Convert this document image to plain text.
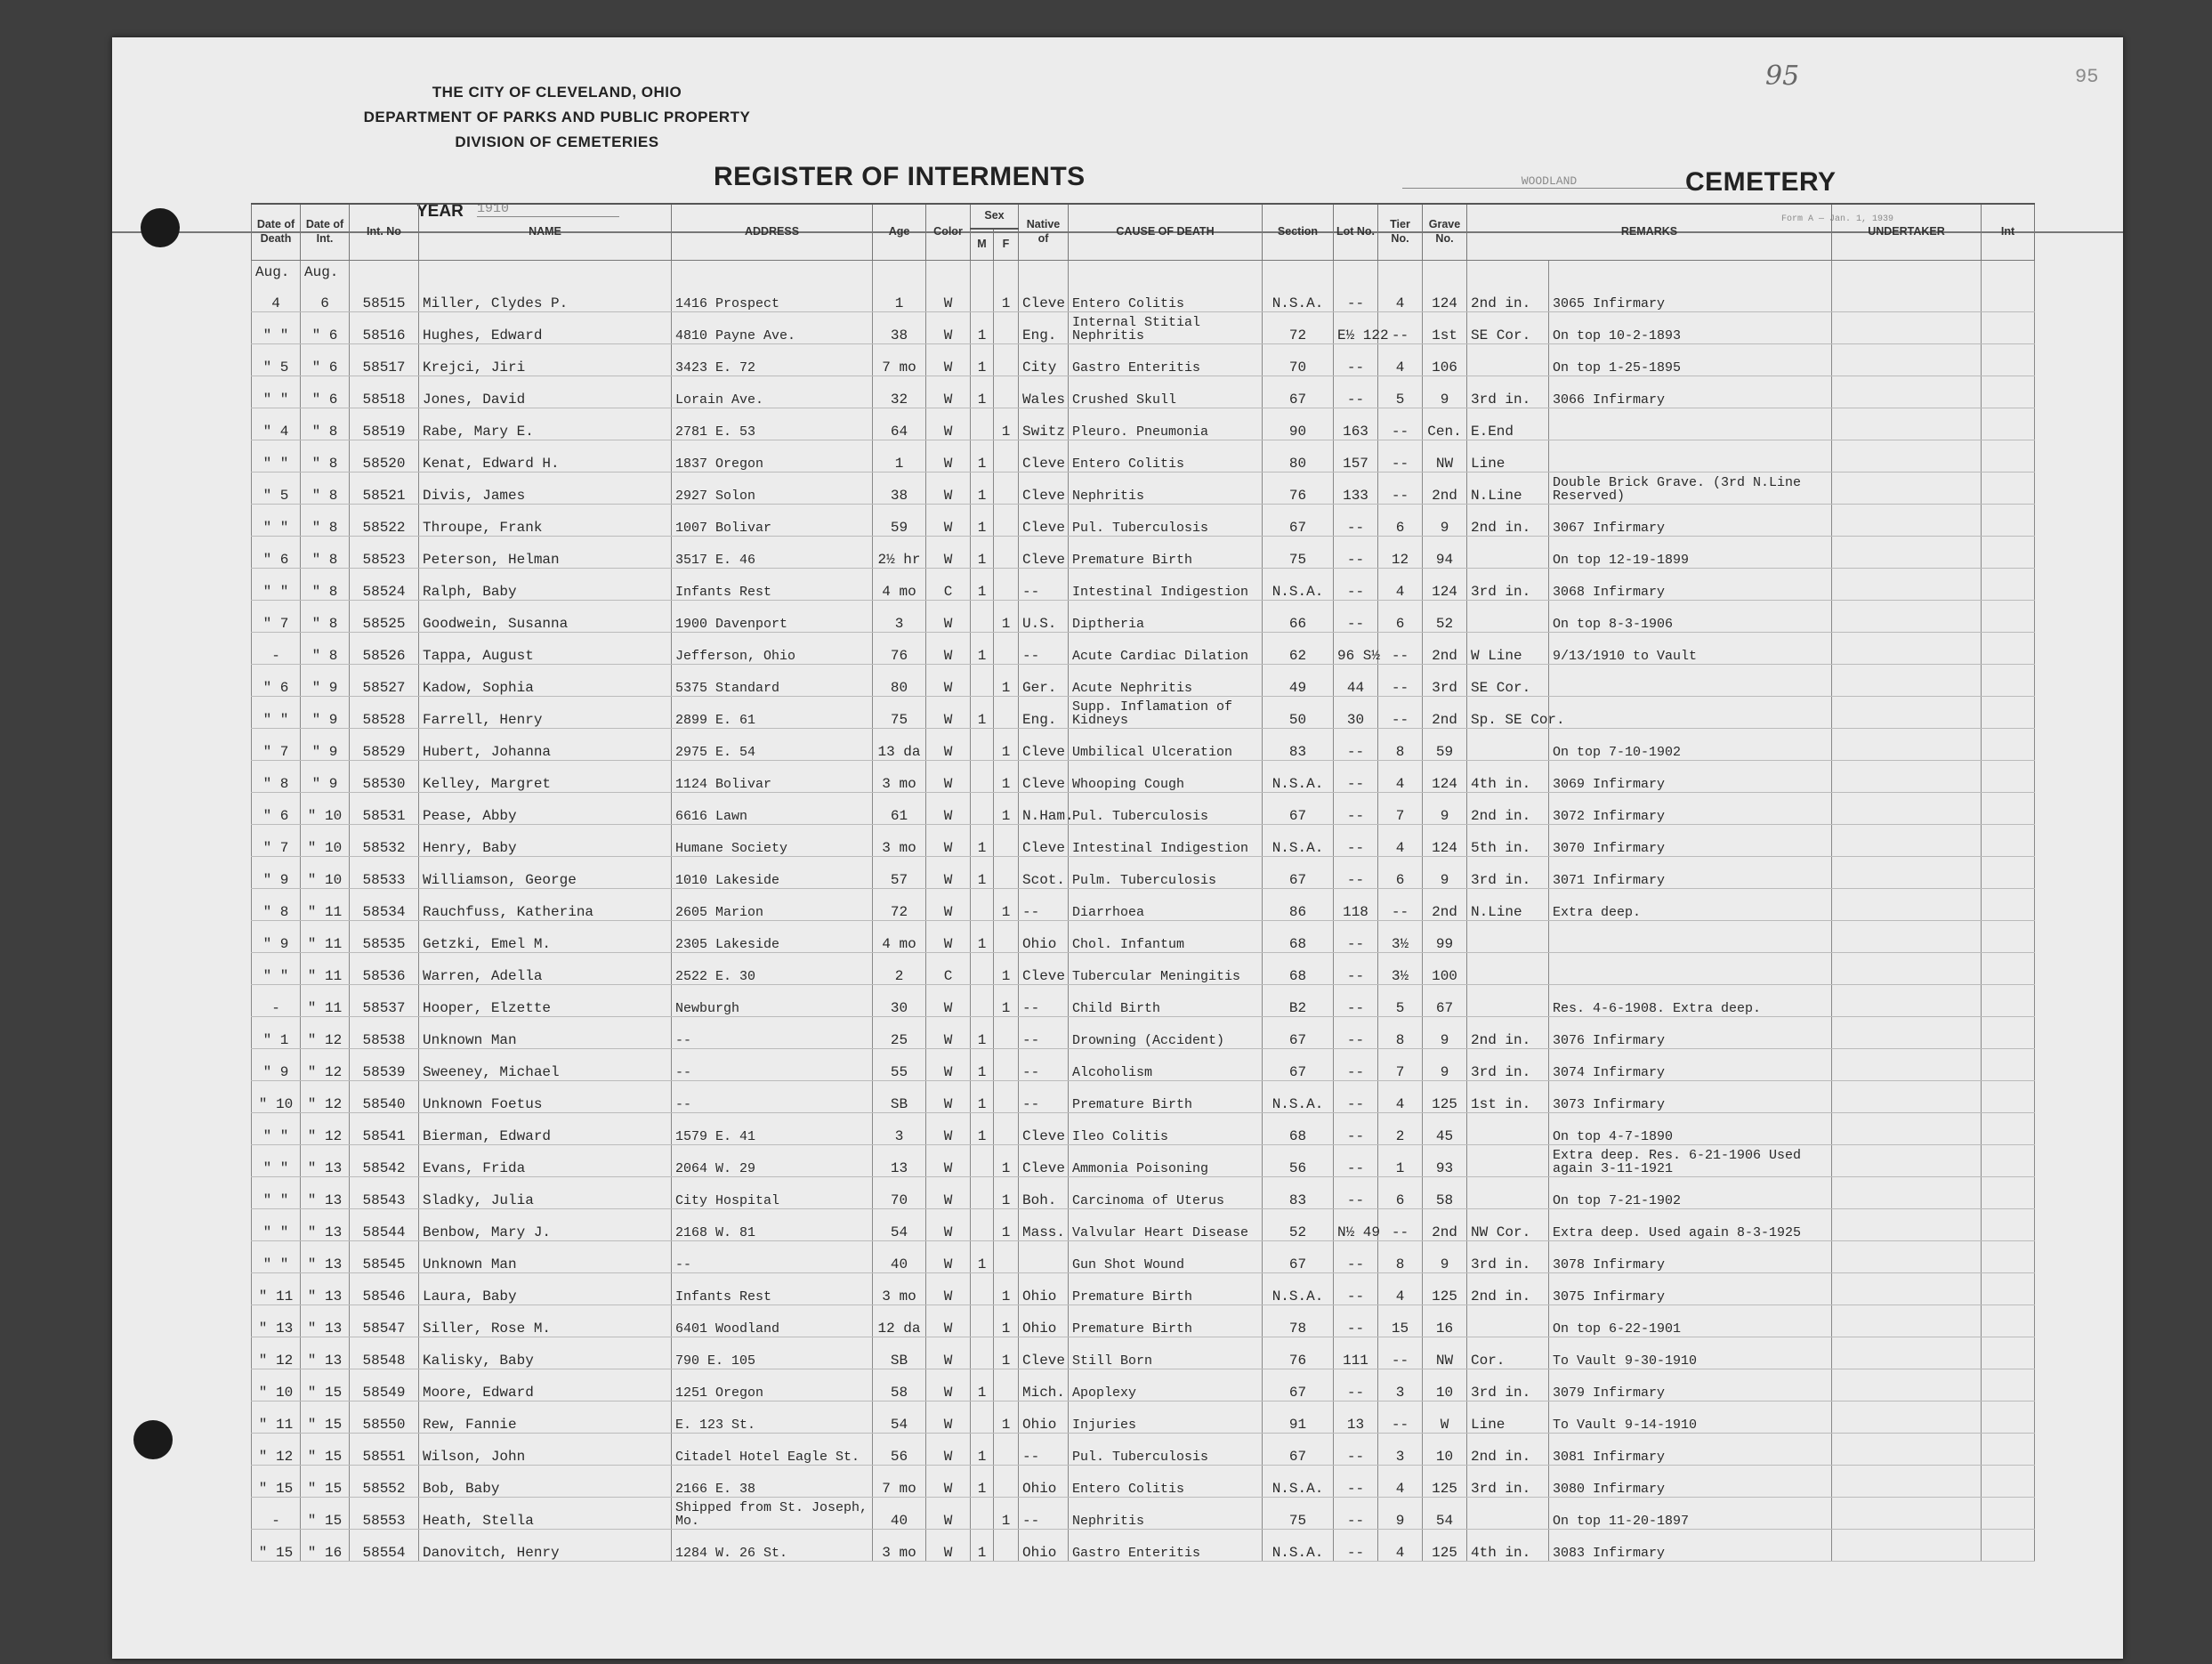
THE CITY OF CLEVELAND, OHIO
DEPARTMENT OF PARKS AND PUBLIC PROPERTY
DIVISION OF CEMETERIES
REGISTER OF INTERMENTS
YEAR 1910
WOODLAND	CEMETERY
Form A — Jan. 1, 1939
95	95
Date of Death	Date of Int.	Int. No	NAME	ADDRESS	Age	Color	Sex		Native of	CAUSE OF DEATH	Section	Lot No.	Tier No.	Grave No.	REMARKS		UNDERTAKER	Int
							M	F										
Aug.	Aug.																	
4	6	58515	Miller, Clydes P.	1416 Prospect	1	W		1	Cleve	Entero Colitis	N.S.A.	--	4	124	2nd in.	3065 Infirmary		
" "	" 6	58516	Hughes, Edward	4810 Payne Ave.	38	W	1		Eng.	Internal Stitial Nephritis	72	E½ 122	--	1st	SE Cor.	On top 10-2-1893		
" 5	" 6	58517	Krejci, Jiri	3423 E. 72	7 mo	W	1		City	Gastro Enteritis	70	--	4	106		On top 1-25-1895		
" "	" 6	58518	Jones, David	Lorain Ave.	32	W	1		Wales	Crushed Skull	67	--	5	9	3rd in.	3066 Infirmary		
" 4	" 8	58519	Rabe, Mary E.	2781 E. 53	64	W		1	Switz	Pleuro. Pneumonia	90	163	--	Cen.	E.End			
" "	" 8	58520	Kenat, Edward H.	1837 Oregon	1	W	1		Cleve	Entero Colitis	80	157	--	NW	Line			
" 5	" 8	58521	Divis, James	2927 Solon	38	W	1		Cleve	Nephritis	76	133	--	2nd	N.Line	Double Brick Grave. (3rd N.Line Reserved)		
" "	" 8	58522	Throupe, Frank	1007 Bolivar	59	W	1		Cleve	Pul. Tuberculosis	67	--	6	9	2nd in.	3067 Infirmary		
" 6	" 8	58523	Peterson, Helman	3517 E. 46	2½ hr	W	1		Cleve	Premature Birth	75	--	12	94		On top 12-19-1899		
" "	" 8	58524	Ralph, Baby	Infants Rest	4 mo	C	1		--	Intestinal Indigestion	N.S.A.	--	4	124	3rd in.	3068 Infirmary		
" 7	" 8	58525	Goodwein, Susanna	1900 Davenport	3	W		1	U.S.	Diptheria	66	--	6	52		On top 8-3-1906		
-	" 8	58526	Tappa, August	Jefferson, Ohio	76	W	1		--	Acute Cardiac Dilation	62	96 S½	--	2nd	W Line	9/13/1910 to Vault		
" 6	" 9	58527	Kadow, Sophia	5375 Standard	80	W		1	Ger.	Acute Nephritis	49	44	--	3rd	SE Cor.			
" "	" 9	58528	Farrell, Henry	2899 E. 61	75	W	1		Eng.	Supp. Inflamation of Kidneys	50	30	--	2nd	Sp. SE Cor.			
" 7	" 9	58529	Hubert, Johanna	2975 E. 54	13 da	W		1	Cleve	Umbilical Ulceration	83	--	8	59		On top 7-10-1902		
" 8	" 9	58530	Kelley, Margret	1124 Bolivar	3 mo	W		1	Cleve	Whooping Cough	N.S.A.	--	4	124	4th in.	3069 Infirmary		
" 6	" 10	58531	Pease, Abby	6616 Lawn	61	W		1	N.Ham.	Pul. Tuberculosis	67	--	7	9	2nd in.	3072 Infirmary		
" 7	" 10	58532	Henry, Baby	Humane Society	3 mo	W	1		Cleve	Intestinal Indigestion	N.S.A.	--	4	124	5th in.	3070 Infirmary		
" 9	" 10	58533	Williamson, George	1010 Lakeside	57	W	1		Scot.	Pulm. Tuberculosis	67	--	6	9	3rd in.	3071 Infirmary		
" 8	" 11	58534	Rauchfuss, Katherina	2605 Marion	72	W		1	--	Diarrhoea	86	118	--	2nd	N.Line	Extra deep.		
" 9	" 11	58535	Getzki, Emel M.	2305 Lakeside	4 mo	W	1		Ohio	Chol. Infantum	68	--	3½	99				
" "	" 11	58536	Warren, Adella	2522 E. 30	2	C		1	Cleve	Tubercular Meningitis	68	--	3½	100				
-	" 11	58537	Hooper, Elzette	Newburgh	30	W		1	--	Child Birth	B2	--	5	67		Res. 4-6-1908. Extra deep.		
" 1	" 12	58538	Unknown Man	--	25	W	1		--	Drowning (Accident)	67	--	8	9	2nd in.	3076 Infirmary		
" 9	" 12	58539	Sweeney, Michael	--	55	W	1		--	Alcoholism	67	--	7	9	3rd in.	3074 Infirmary		
" 10	" 12	58540	Unknown Foetus	--	SB	W	1		--	Premature Birth	N.S.A.	--	4	125	1st in.	3073 Infirmary		
" "	" 12	58541	Bierman, Edward	1579 E. 41	3	W	1		Cleve	Ileo Colitis	68	--	2	45		On top 4-7-1890		
" "	" 13	58542	Evans, Frida	2064 W. 29	13	W		1	Cleve	Ammonia Poisoning	56	--	1	93		Extra deep. Res. 6-21-1906 Used again 3-11-1921		
" "	" 13	58543	Sladky, Julia	City Hospital	70	W		1	Boh.	Carcinoma of Uterus	83	--	6	58		On top 7-21-1902		
" "	" 13	58544	Benbow, Mary J.	2168 W. 81	54	W		1	Mass.	Valvular Heart Disease	52	N½ 49	--	2nd	NW Cor.	Extra deep. Used again 8-3-1925		
" "	" 13	58545	Unknown Man	--	40	W	1			Gun Shot Wound	67	--	8	9	3rd in.	3078 Infirmary		
" 11	" 13	58546	Laura, Baby	Infants Rest	3 mo	W		1	Ohio	Premature Birth	N.S.A.	--	4	125	2nd in.	3075 Infirmary		
" 13	" 13	58547	Siller, Rose M.	6401 Woodland	12 da	W		1	Ohio	Premature Birth	78	--	15	16		On top 6-22-1901		
" 12	" 13	58548	Kalisky, Baby	790 E. 105	SB	W		1	Cleve	Still Born	76	111	--	NW	Cor.	To Vault 9-30-1910		
" 10	" 15	58549	Moore, Edward	1251 Oregon	58	W	1		Mich.	Apoplexy	67	--	3	10	3rd in.	3079 Infirmary		
" 11	" 15	58550	Rew, Fannie	E. 123 St.	54	W		1	Ohio	Injuries	91	13	--	W	Line	To Vault 9-14-1910		
" 12	" 15	58551	Wilson, John	Citadel Hotel Eagle St.	56	W	1		--	Pul. Tuberculosis	67	--	3	10	2nd in.	3081 Infirmary		
" 15	" 15	58552	Bob, Baby	2166 E. 38	7 mo	W	1		Ohio	Entero Colitis	N.S.A.	--	4	125	3rd in.	3080 Infirmary		
-	" 15	58553	Heath, Stella	Shipped from St. Joseph, Mo.	40	W		1	--	Nephritis	75	--	9	54		On top 11-20-1897		
" 15	" 16	58554	Danovitch, Henry	1284 W. 26 St.	3 mo	W	1		Ohio	Gastro Enteritis	N.S.A.	--	4	125	4th in.	3083 Infirmary		
